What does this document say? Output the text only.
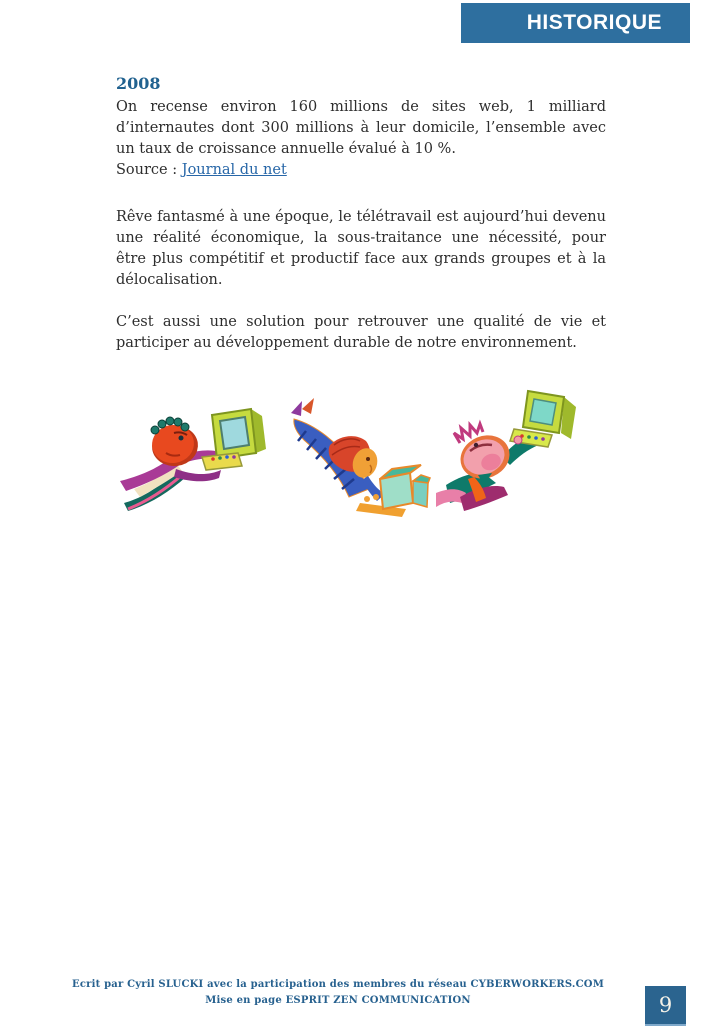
HISTORIQUE
2008
On recense environ 160 millions de sites web, 1 milliard
d’internautes dont 300 millions à leur domicile, l’ensemble avec
un taux de croissance annuelle évalué à 10 %.
Source : Journal du net
Rêve fantasmé à une époque, le télétravail est aujourd’hui devenu
une réalité économique, la sous-traitance une nécessité, pour
être plus compétitif et productif face aux grands groupes et à la
délocalisation.
C’est aussi une solution pour retrouver une qualité de vie et
participer au développement durable de notre environnement.
Ecrit par Cyril SLUCKI avec la participation des membres du réseau CYBERWORKERS.COM
Mise en page ESPRIT ZEN COMMUNICATION	9
